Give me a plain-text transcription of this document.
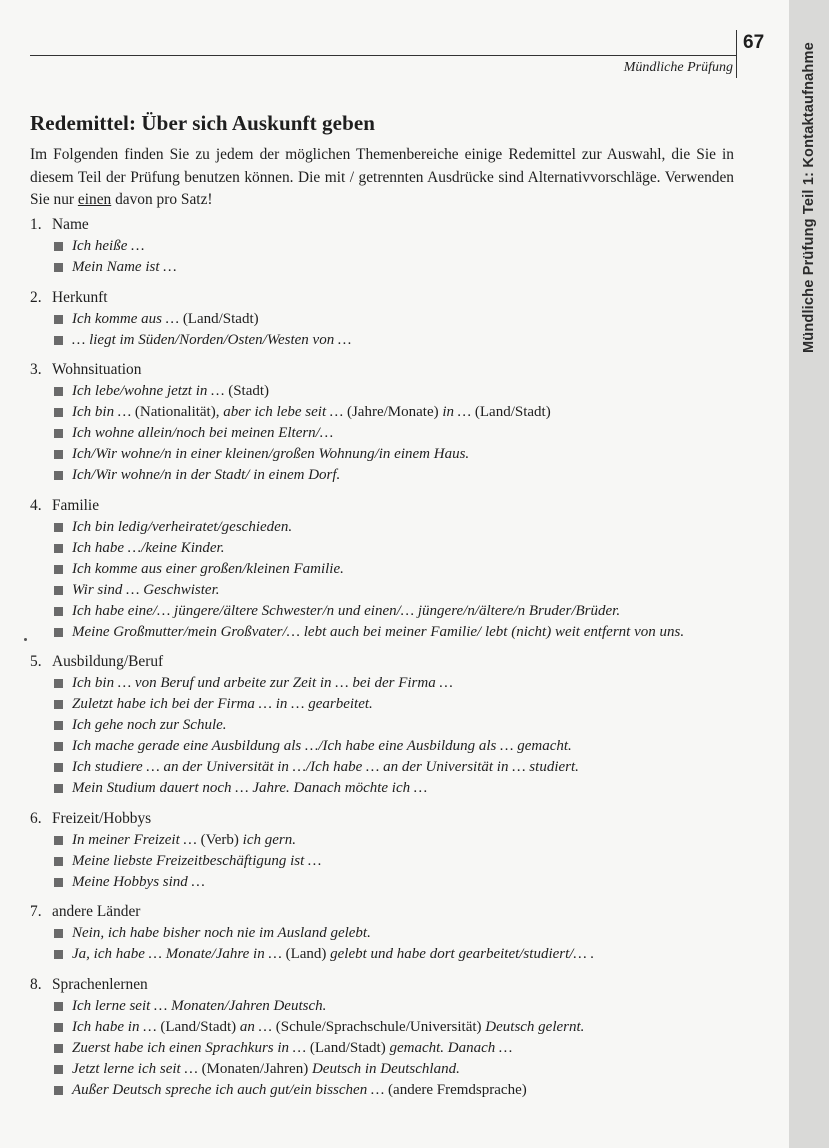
Mündliche Prüfung Teil 1: Kontaktaufnahme
67
Mündliche Prüfung
Redemittel: Über sich Auskunft geben

Im Folgenden finden Sie zu jedem der möglichen Themenbereiche einige Redemittel zur Auswahl, die Sie in diesem Teil der Prüfung benutzen können. Die mit / getrennten Ausdrücke sind Alternativvorschläge. Verwenden Sie nur einen davon pro Satz!

1. Name
Ich heiße …
Mein Name ist …
2. Herkunft
Ich komme aus … (Land/Stadt)
… liegt im Süden/Norden/Osten/Westen von …
3. Wohnsituation
Ich lebe/wohne jetzt in … (Stadt)
Ich bin … (Nationalität), aber ich lebe seit … (Jahre/Monate) in … (Land/Stadt)
Ich wohne allein/noch bei meinen Eltern/…
Ich/Wir wohne/n in einer kleinen/großen Wohnung/in einem Haus.
Ich/Wir wohne/n in der Stadt/ in einem Dorf.
4. Familie
Ich bin ledig/verheiratet/geschieden.
Ich habe …/keine Kinder.
Ich komme aus einer großen/kleinen Familie.
Wir sind … Geschwister.
Ich habe eine/… jüngere/ältere Schwester/n und einen/… jüngere/n/ältere/n Bruder/Brüder.
Meine Großmutter/mein Großvater/… lebt auch bei meiner Familie/ lebt (nicht) weit entfernt von uns.
5. Ausbildung/Beruf
Ich bin … von Beruf und arbeite zur Zeit in … bei der Firma …
Zuletzt habe ich bei der Firma … in … gearbeitet.
Ich gehe noch zur Schule.
Ich mache gerade eine Ausbildung als …/Ich habe eine Ausbildung als … gemacht.
Ich studiere … an der Universität in …/Ich habe … an der Universität in … studiert.
Mein Studium dauert noch … Jahre. Danach möchte ich …
6. Freizeit/Hobbys
In meiner Freizeit … (Verb) ich gern.
Meine liebste Freizeitbeschäftigung ist …
Meine Hobbys sind …
7. andere Länder
Nein, ich habe bisher noch nie im Ausland gelebt.
Ja, ich habe … Monate/Jahre in … (Land) gelebt und habe dort gearbeitet/studiert/… .
8. Sprachenlernen
Ich lerne seit … Monaten/Jahren Deutsch.
Ich habe in … (Land/Stadt) an … (Schule/Sprachschule/Universität) Deutsch gelernt.
Zuerst habe ich einen Sprachkurs in … (Land/Stadt) gemacht. Danach …
Jetzt lerne ich seit … (Monaten/Jahren) Deutsch in Deutschland.
Außer Deutsch spreche ich auch gut/ein bisschen … (andere Fremdsprache)
